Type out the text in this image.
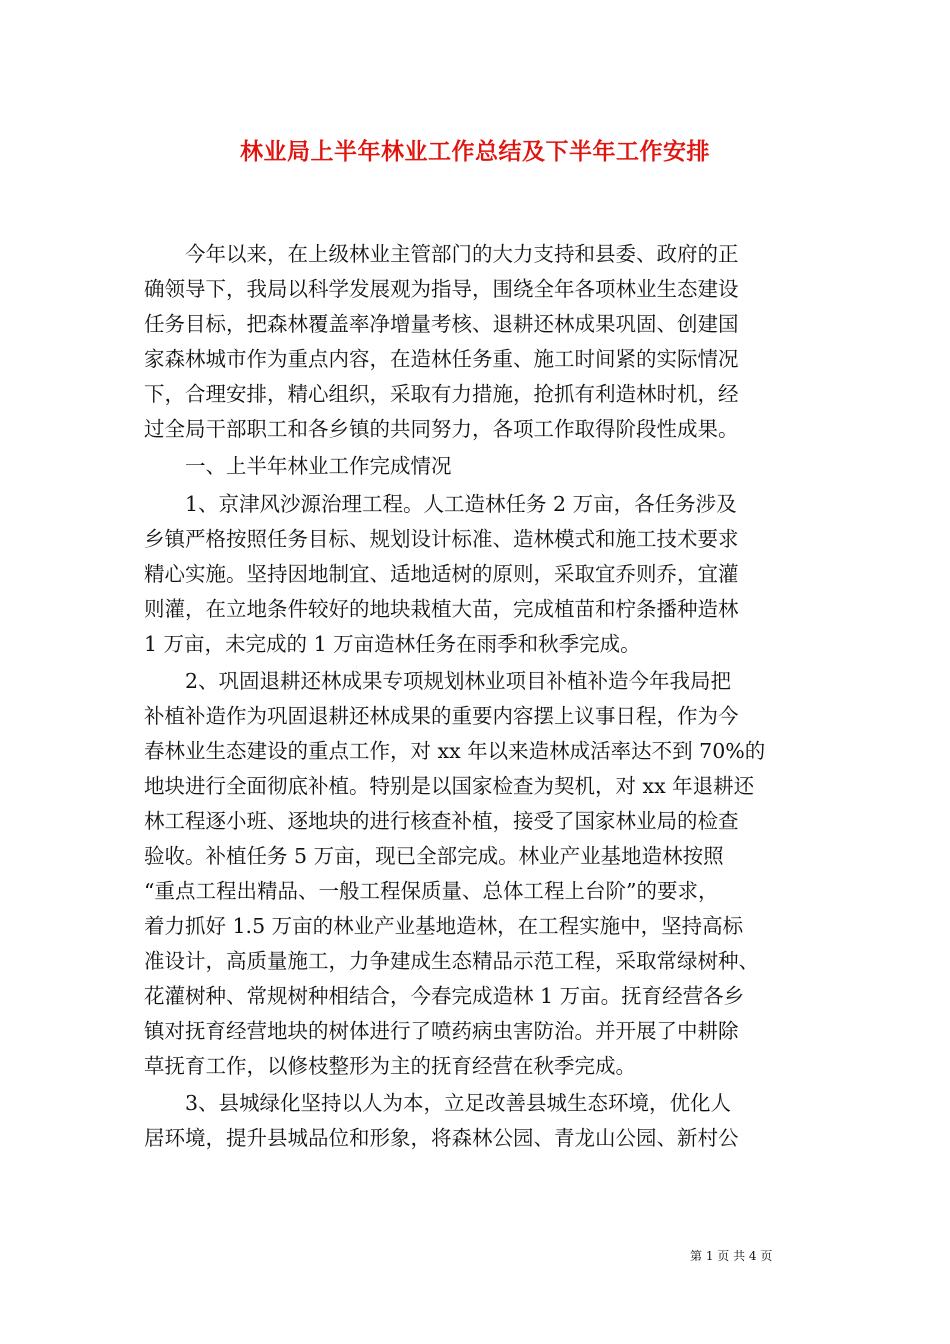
林业局上半年林业工作总结及下半年工作安排

　　今年以来，在上级林业主管部门的大力支持和县委、政府的正

确领导下，我局以科学发展观为指导，围绕全年各项林业生态建设

任务目标，把森林覆盖率净增量考核、退耕还林成果巩固、创建国

家森林城市作为重点内容，在造林任务重、施工时间紧的实际情况

下，合理安排，精心组织，采取有力措施，抢抓有利造林时机，经

过全局干部职工和各乡镇的共同努力，各项工作取得阶段性成果。

　　一、上半年林业工作完成情况

　　1、京津风沙源治理工程。人工造林任务 2 万亩，各任务涉及

乡镇严格按照任务目标、规划设计标准、造林模式和施工技术要求

精心实施。坚持因地制宜、适地适树的原则，采取宜乔则乔，宜灌

则灌，在立地条件较好的地块栽植大苗，完成植苗和柠条播种造林

1 万亩，未完成的 1 万亩造林任务在雨季和秋季完成。

　　2、巩固退耕还林成果专项规划林业项目补植补造今年我局把

补植补造作为巩固退耕还林成果的重要内容摆上议事日程，作为今

春林业生态建设的重点工作，对 xx 年以来造林成活率达不到 70%的

地块进行全面彻底补植。特别是以国家检查为契机，对 xx 年退耕还

林工程逐小班、逐地块的进行核查补植，接受了国家林业局的检查

验收。补植任务 5 万亩，现已全部完成。林业产业基地造林按照

“重点工程出精品、一般工程保质量、总体工程上台阶”的要求，

着力抓好 1.5 万亩的林业产业基地造林，在工程实施中，坚持高标

准设计，高质量施工，力争建成生态精品示范工程，采取常绿树种、

花灌树种、常规树种相结合，今春完成造林 1 万亩。抚育经营各乡

镇对抚育经营地块的树体进行了喷药病虫害防治。并开展了中耕除

草抚育工作，以修枝整形为主的抚育经营在秋季完成。

　　3、县城绿化坚持以人为本，立足改善县城生态环境，优化人

居环境，提升县城品位和形象，将森林公园、青龙山公园、新村公

第 1 页 共 4 页
